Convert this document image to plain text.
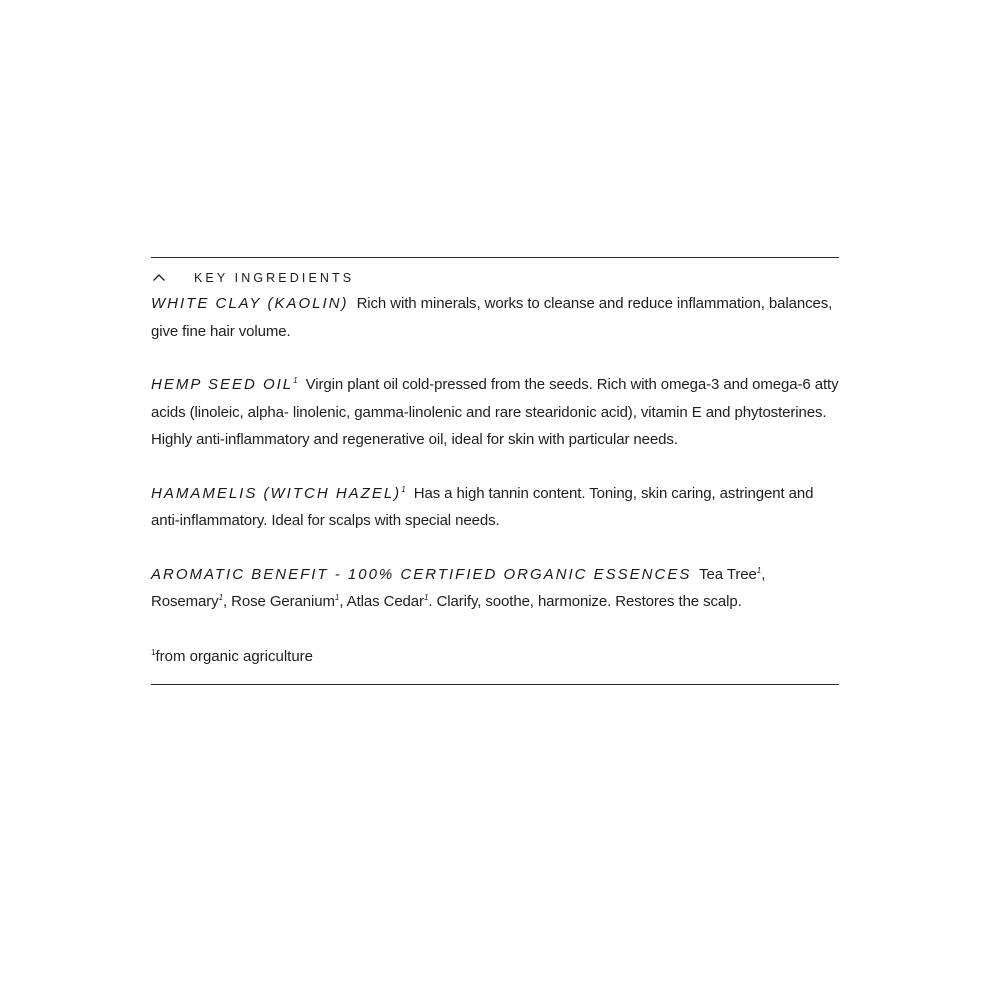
KEY INGREDIENTS

WHITE CLAY (KAOLIN) Rich with minerals, works to cleanse and reduce inflammation, balances, give fine hair volume.

HEMP SEED OIL$^1$ Virgin plant oil cold-pressed from the seeds. Rich with omega-3 and omega-6 atty acids (linoleic, alpha- linolenic, gamma-linolenic and rare stearidonic acid), vitamin E and phytosterines. Highly anti-inflammatory and regenerative oil, ideal for skin with particular needs.

HAMAMELIS (WITCH HAZEL)$^1$ Has a high tannin content. Toning, skin caring, astringent and anti-inflammatory. Ideal for scalps with special needs.

AROMATIC BENEFIT - 100% CERTIFIED ORGANIC ESSENCES Tea Tree$^1$, Rosemary$^1$, Rose Geranium$^1$, Atlas Cedar$^1$. Clarify, soothe, harmonize. Restores the scalp.

$^1$from organic agriculture
